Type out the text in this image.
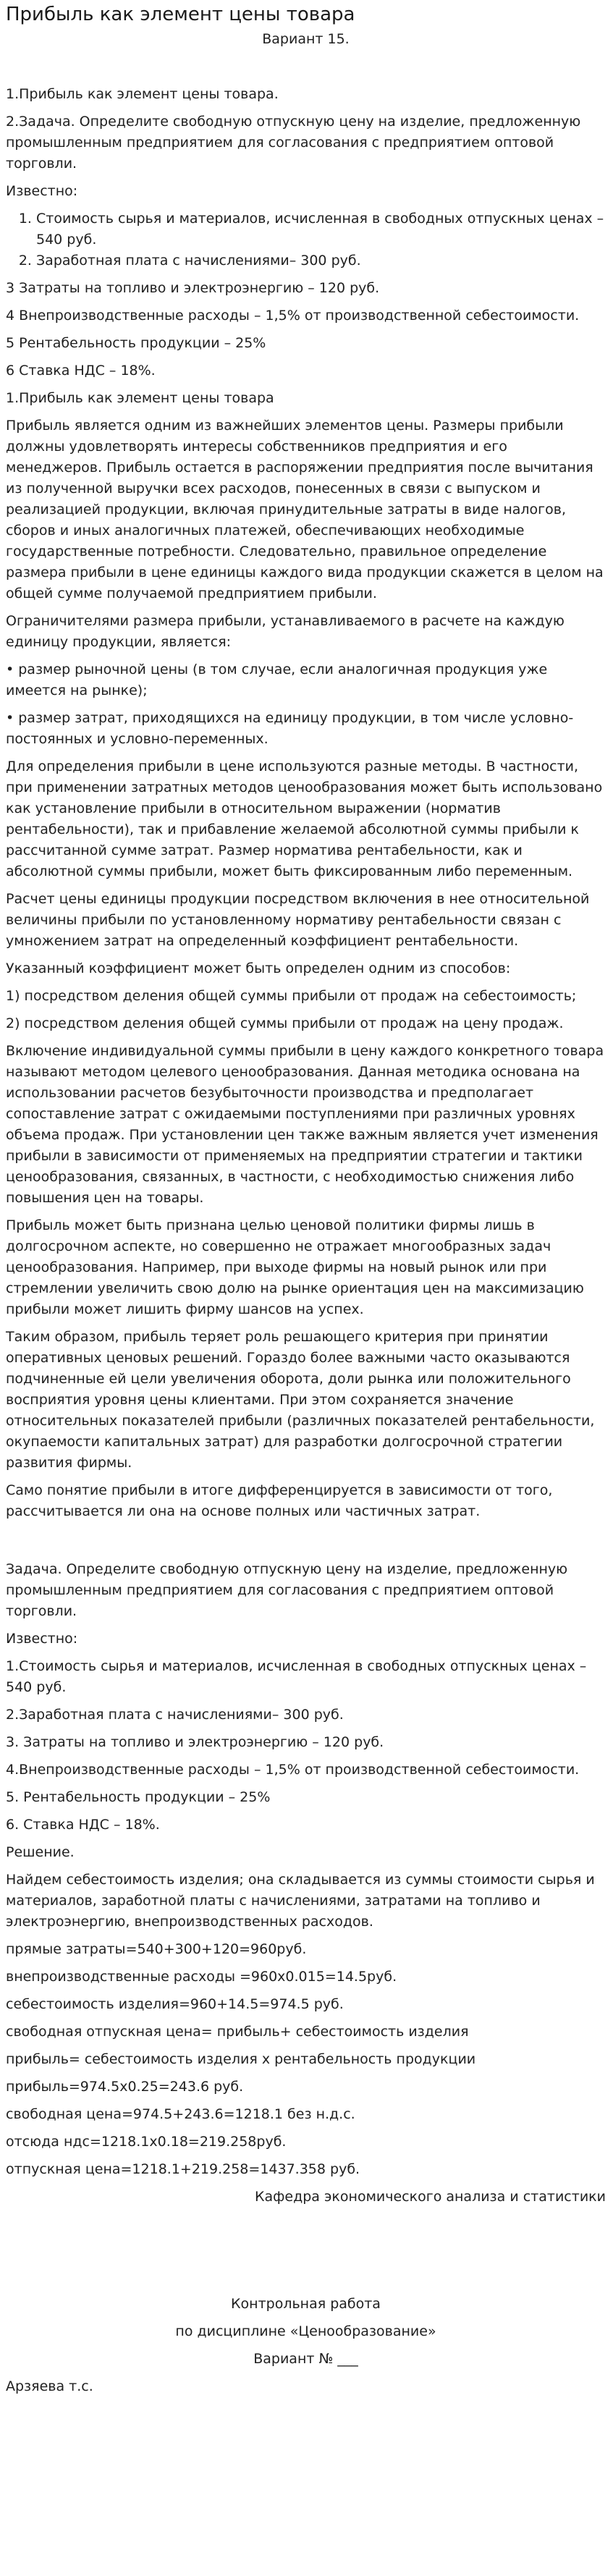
Прибыль как элемент цены товара

Вариант 15.

1.Прибыль как элемент цены товара.

2.Задача. Определите свободную отпускную цену на изделие, предложенную промышленным предприятием для согласования с предприятием оптовой торговли.

Известно:

1. Стоимость сырья и материалов, исчисленная в свободных отпускных ценах – 540 руб.
2. Заработная плата с начислениями– 300 руб.

3 Затраты на топливо и электроэнергию – 120 руб.

4 Внепроизводственные расходы – 1,5% от производственной себестоимости.

5 Рентабельность продукции – 25%

6 Ставка НДС – 18%.

1.Прибыль как элемент цены товара

Прибыль является одним из важнейших элементов цены. Размеры прибыли должны удовлетворять интересы собственников предприятия и его менеджеров. Прибыль остается в распоряжении предприятия после вычитания из полученной выручки всех расходов, понесенных в связи с выпуском и реализацией продукции, включая принудительные затраты в виде налогов, сборов и иных аналогичных платежей, обеспечивающих необходимые государственные потребности. Следовательно, правильное определение размера прибыли в цене единицы каждого вида продукции скажется в целом на общей сумме получаемой предприятием прибыли.

Ограничителями размера прибыли, устанавливаемого в расчете на каждую единицу продукции, является:

• размер рыночной цены (в том случае, если аналогичная продукция уже имеется на рынке);

• размер затрат, приходящихся на единицу продукции, в том числе условно-постоянных и условно-переменных.

Для определения прибыли в цене используются разные методы. В частности, при применении затратных методов ценообразования может быть использовано как установление прибыли в относительном выражении (норматив рентабельности), так и прибавление желаемой абсолютной суммы прибыли к рассчитанной сумме затрат. Размер норматива рентабельности, как и абсолютной суммы прибыли, может быть фиксированным либо переменным.

Расчет цены единицы продукции посредством включения в нее относительной величины прибыли по установленному нормативу рентабельности связан с умножением затрат на определенный коэффициент рентабельности.

Указанный коэффициент может быть определен одним из способов:

1) посредством деления общей суммы прибыли от продаж на себестоимость;

2) посредством деления общей суммы прибыли от продаж на цену продаж.

Включение индивидуальной суммы прибыли в цену каждого конкретного товара называют методом целевого ценообразования. Данная методика основана на использовании расчетов безубыточности производства и предполагает сопоставление затрат с ожидаемыми поступлениями при различных уровнях объема продаж. При установлении цен также важным является учет изменения прибыли в зависимости от применяемых на предприятии стратегии и тактики ценообразования, связанных, в частности, с необходимостью снижения либо повышения цен на товары.

Прибыль может быть признана целью ценовой политики фирмы лишь в долгосрочном аспекте, но совершенно не отражает многообразных задач ценообразования. Например, при выходе фирмы на новый рынок или при стремлении увеличить свою долю на рынке ориентация цен на максимизацию прибыли может лишить фирму шансов на успех.

Таким образом, прибыль теряет роль решающего критерия при принятии оперативных ценовых решений. Гораздо более важными часто оказываются подчиненные ей цели увеличения оборота, доли рынка или положительного восприятия уровня цены клиентами. При этом сохраняется значение относительных показателей прибыли (различных показателей рентабельности, окупаемости капитальных затрат) для разработки долгосрочной стратегии развития фирмы.

Само понятие прибыли в итоге дифференцируется в зависимости от того, рассчитывается ли она на основе полных или частичных затрат.

Задача. Определите свободную отпускную цену на изделие, предложенную промышленным предприятием для согласования с предприятием оптовой торговли.

Известно:

1.Стоимость сырья и материалов, исчисленная в свободных отпускных ценах – 540 руб.

2.Заработная плата с начислениями– 300 руб.

3. Затраты на топливо и электроэнергию – 120 руб.

4.Внепроизводственные расходы – 1,5% от производственной себестоимости.

5. Рентабельность продукции – 25%

6. Ставка НДС – 18%.

Решение.

Найдем себестоимость изделия; она складывается из суммы стоимости сырья и материалов, заработной платы с начислениями, затратами на топливо и электроэнергию, внепроизводственных расходов.

прямые затраты=540+300+120=960руб.

внепроизводственные расходы =960x0.015=14.5руб.

себестоимость изделия=960+14.5=974.5 руб.

свободная отпускная цена= прибыль+ себестоимость изделия

прибыль= себестоимость изделия x рентабельность продукции

прибыль=974.5x0.25=243.6 руб.

свободная цена=974.5+243.6=1218.1 без н.д.с.

отсюда ндс=1218.1x0.18=219.258руб.

отпускная цена=1218.1+219.258=1437.358 руб.

Кафедра экономического анализа и статистики

Контрольная работа

по дисциплине «Ценообразование»

Вариант № ___

Арзяева т.с.
